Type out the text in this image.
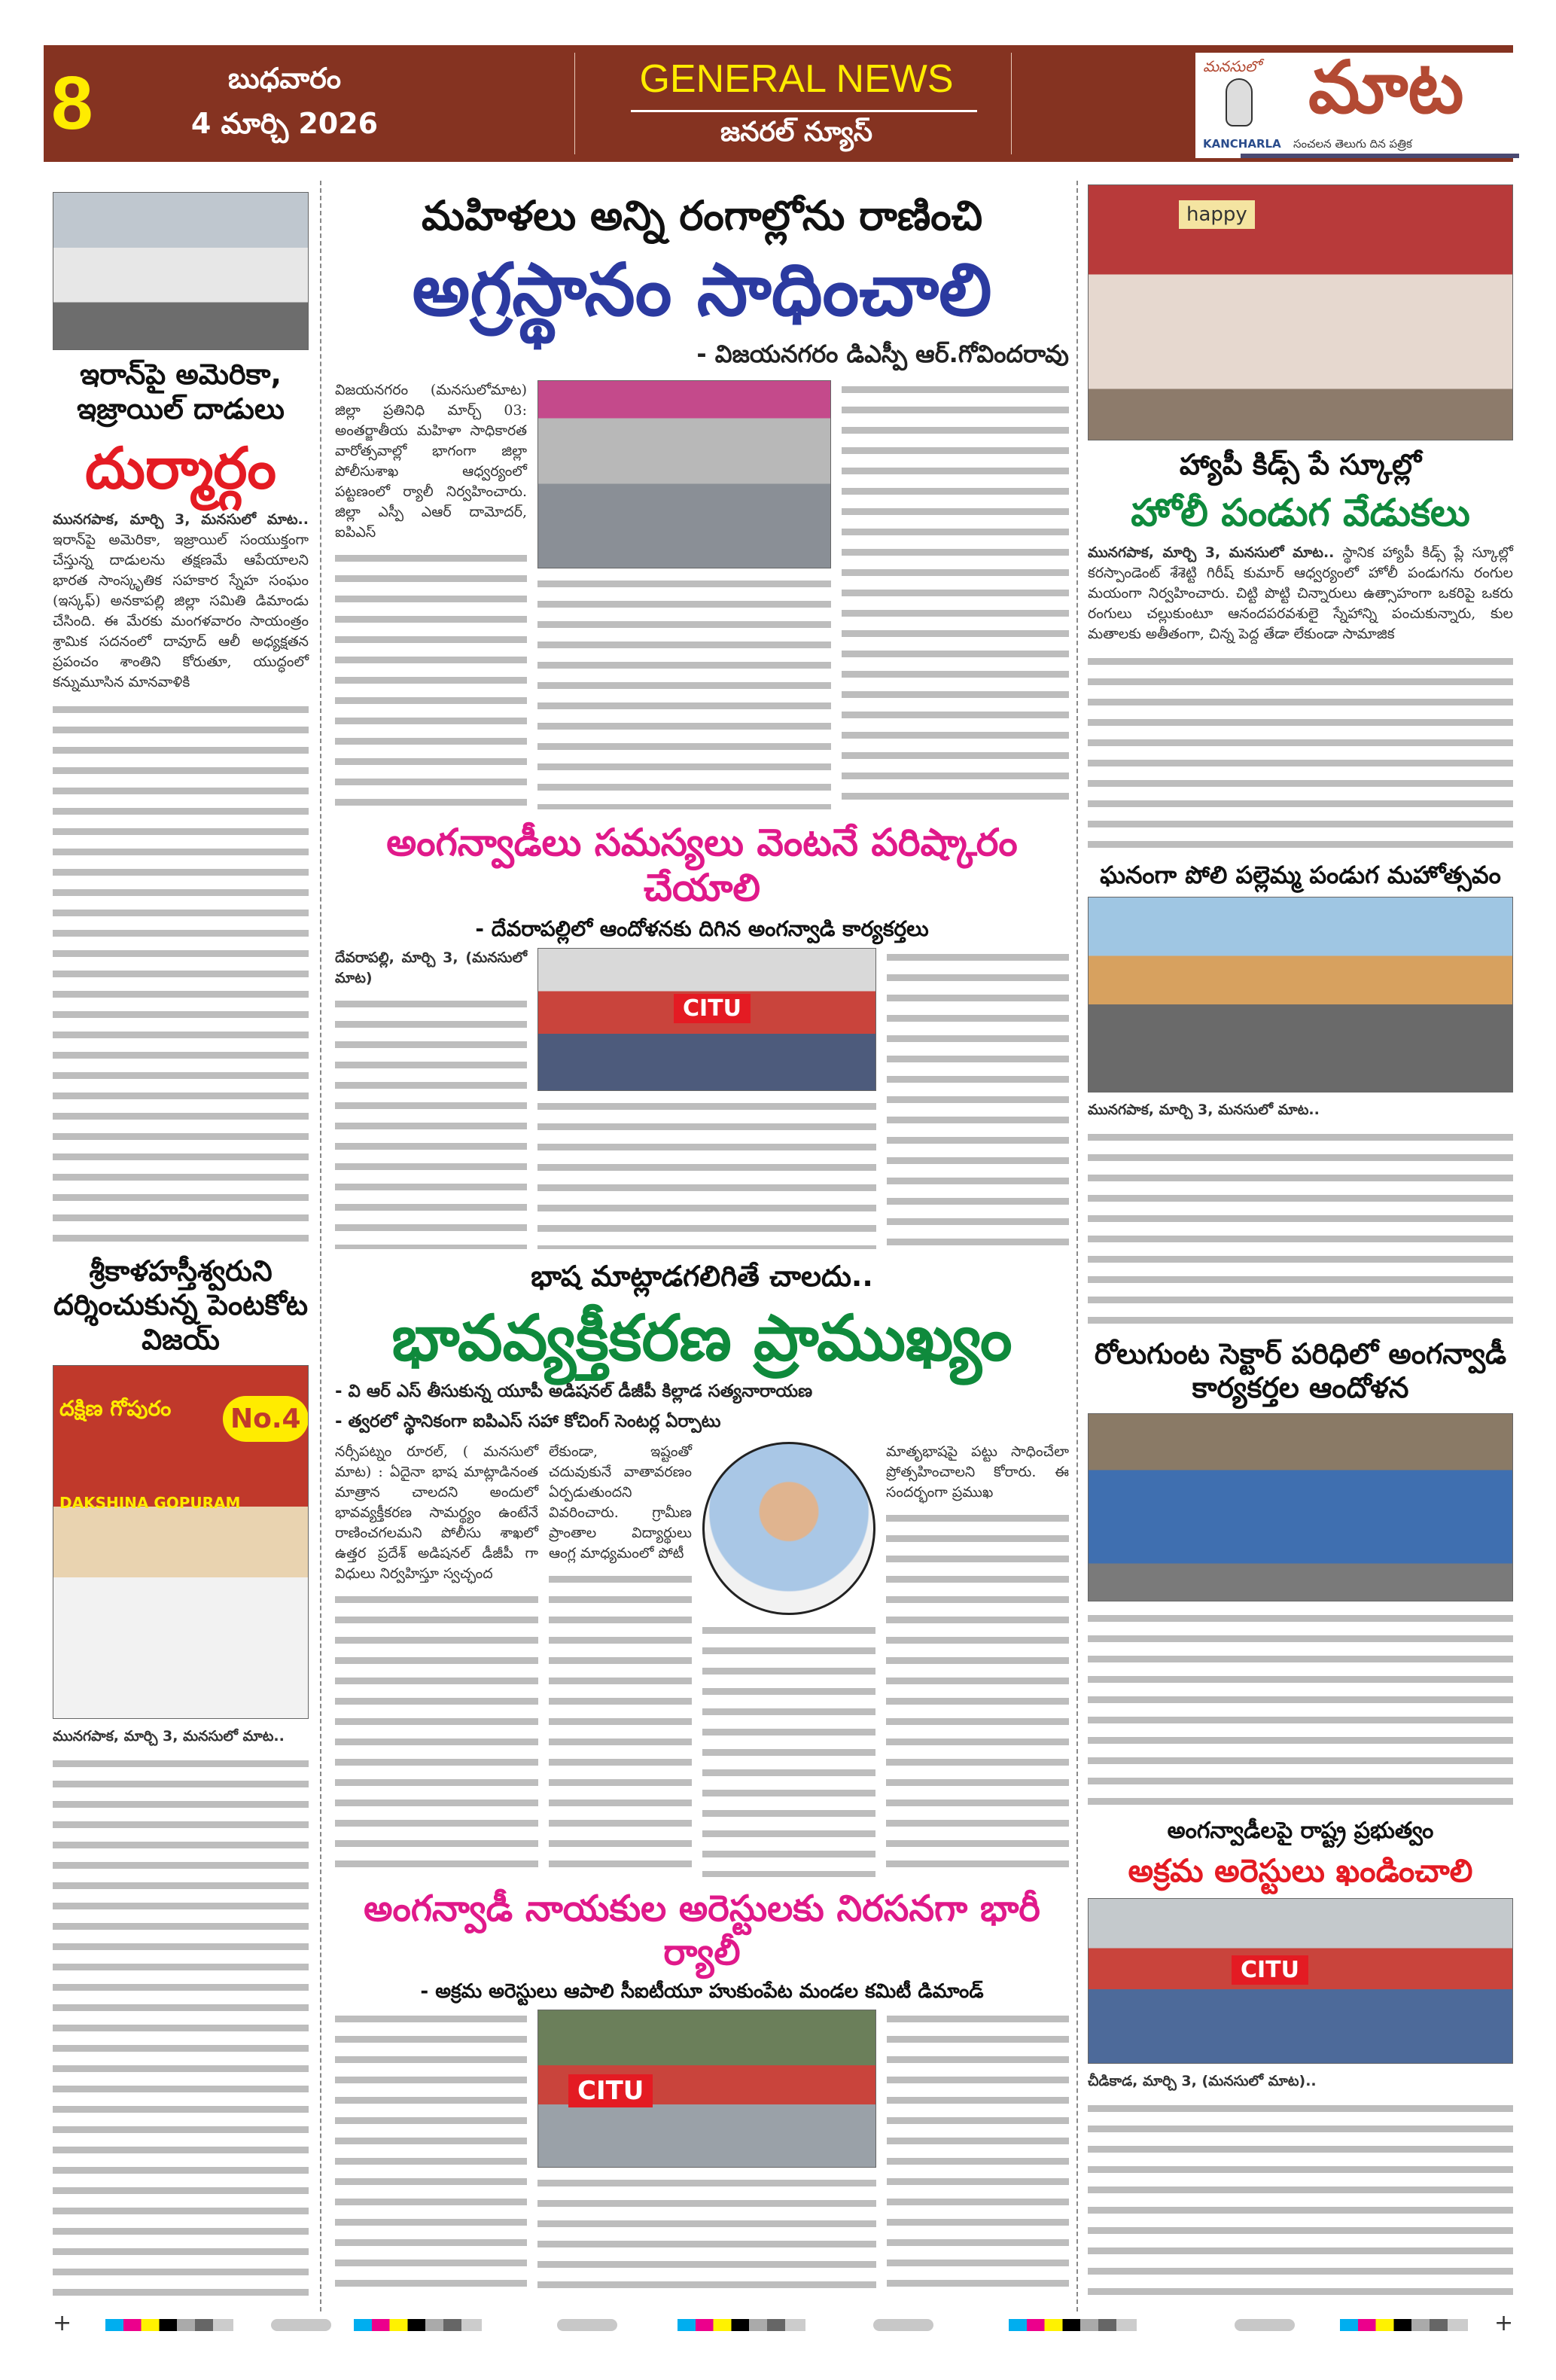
8	బుధవారం
4 మార్చి 2026
GENERAL NEWS
జనరల్ న్యూస్
మనసులో మాట
KANCHARLA సంచలన తెలుగు దిన పత్రిక
ఇరాన్‌పై అమెరికా, ఇజ్రాయిల్ దాడులు
దుర్మార్గం
మునగపాక, మార్చి 3, మనసులో మాట.. ఇరాన్‌పై అమెరికా, ఇజ్రాయిల్ సంయుక్తంగా చేస్తున్న దాడులను తక్షణమే ఆపేయాలని భారత సాంస్కృతిక సహకార స్నేహ సంఘం (ఇస్కఫ్) అనకాపల్లి జిల్లా సమితి డిమాండు చేసింది. ఈ మేరకు మంగళవారం సాయంత్రం శ్రామిక సదనంలో దావూద్ ఆలీ అధ్యక్షతన ప్రపంచం శాంతిని కోరుతూ, యుద్ధంలో కన్నుమూసిన మానవాళికి
శ్రీకాళహస్తీశ్వరుని దర్శించుకున్న పెంటకోట విజయ్
దక్షిణ గోపురం
DAKSHINA GOPURAM
No.4
మునగపాక, మార్చి 3, మనసులో మాట..
మహిళలు అన్ని రంగాల్లోను రాణించి
అగ్రస్థానం సాధించాలి
- విజయనగరం డిఎస్పీ ఆర్.గోవిందరావు
విజయనగరం (మనసులోమాట) జిల్లా ప్రతినిధి మార్చ్ 03: అంతర్జాతీయ మహిళా సాధికారత వారోత్సవాల్లో భాగంగా జిల్లా పోలీసుశాఖ ఆధ్వర్యంలో పట్టణంలో ర్యాలీ నిర్వహించారు. జిల్లా ఎస్పీ ఎఆర్ దామోదర్, ఐపిఎస్
అంగన్వాడీలు సమస్యలు వెంటనే పరిష్కారం చేయాలి
- దేవరాపల్లిలో ఆందోళనకు దిగిన అంగన్వాడి కార్యకర్తలు
దేవరాపల్లి, మార్చి 3, (మనసులో మాట)
CITU
భాష మాట్లాడగలిగితే చాలదు..
భావవ్యక్తీకరణ ప్రాముఖ్యం
- వి ఆర్ ఎస్ తీసుకున్న యూపీ అడిషనల్ డీజీపీ కిల్లాడ సత్యనారాయణ
- త్వరలో స్థానికంగా ఐపిఎస్ సహా కోచింగ్ సెంటర్ల ఏర్పాటు
నర్సీపట్నం రూరల్, ( మనసులో మాట) : ఏదైనా భాష మాట్లాడినంత మాత్రాన చాలదని అందులో భావవ్యక్తీకరణ సామర్థ్యం ఉంటేనే రాణించగలమని పోలీసు శాఖలో ఉత్తర ప్రదేశ్ అడిషనల్ డీజీపీ గా విధులు నిర్వహిస్తూ స్వచ్ఛంద
లేకుండా, ఇష్టంతో చదువుకునే వాతావరణం ఏర్పడుతుందని వివరించారు. గ్రామీణ ప్రాంతాల విద్యార్థులు ఆంగ్ల మాధ్యమంలో పోటీ
మాతృభాషపై పట్టు సాధించేలా ప్రోత్సహించాలని కోరారు. ఈ సందర్భంగా ప్రముఖ
అంగన్వాడీ నాయకుల అరెస్టులకు నిరసనగా భారీ ర్యాలీ
- అక్రమ అరెస్టులు ఆపాలి సీఐటీయూ హుకుంపేట మండల కమిటీ డిమాండ్
CITU
happy
హ్యాపీ కిడ్స్ పే స్కూల్లో
హోలీ పండుగ వేడుకలు
మునగపాక, మార్చి 3, మనసులో మాట.. స్థానిక హ్యాపీ కిడ్స్ ప్లే స్కూల్లో కరస్పాండెంట్ శేశెట్టి గిరీష్ కుమార్ ఆధ్వర్యంలో హోలీ పండుగను రంగుల మయంగా నిర్వహించారు. చిట్టి పొట్టి చిన్నారులు ఉత్సాహంగా ఒకరిపై ఒకరు రంగులు చల్లుకుంటూ ఆనందపరవశులై స్నేహాన్ని పంచుకున్నారు, కుల మతాలకు అతీతంగా, చిన్న పెద్ద తేడా లేకుండా సామాజిక
ఘనంగా పోలి పల్లెమ్మ పండుగ మహోత్సవం
మునగపాక, మార్చి 3, మనసులో మాట..
రోలుగుంట సెక్టార్ పరిధిలో అంగన్వాడీ కార్యకర్తల ఆందోళన
అంగన్వాడీలపై రాష్ట్ర ప్రభుత్వం
అక్రమ అరెస్టులు ఖండించాలి
CITU
చీడికాడ, మార్చి 3, (మనసులో మాట)..
+	+
